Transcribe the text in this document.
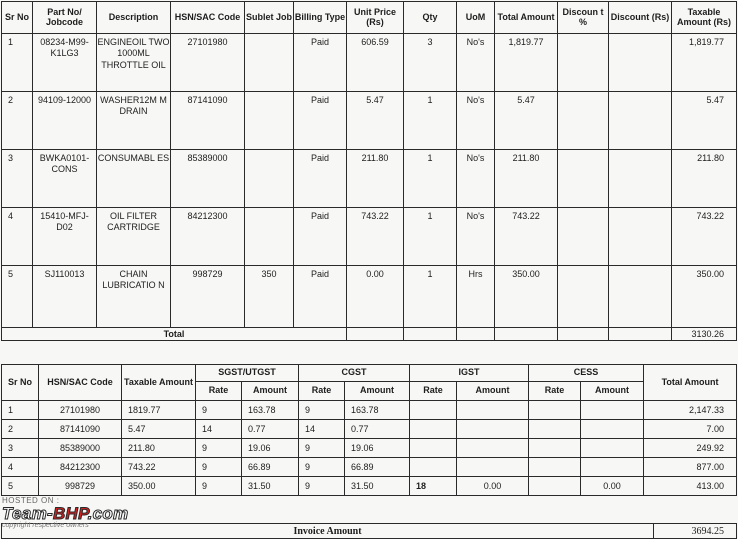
Sr No	Part No/ Jobcode	Description	HSN/SAC Code	Sublet Job	Billing Type	Unit Price (Rs)	Qty	UoM	Total Amount	Discoun t %	Discount (Rs)	Taxable Amount (Rs)
1	08234-M99-K1LG3	ENGINEOIL TWO 1000ML THROTTLE OIL	27101980		Paid	606.59	3	No's	1,819.77			1,819.77
2	94109-12000	WASHER12M M DRAIN	87141090		Paid	5.47	1	No's	5.47			5.47
3	BWKA0101-CONS	CONSUMABL ES	85389000		Paid	211.80	1	No's	211.80			211.80
4	15410-MFJ-D02	OIL FILTER CARTRIDGE	84212300		Paid	743.22	1	No's	743.22			743.22
5	SJ110013	CHAIN LUBRICATIO N	998729	350	Paid	0.00	1	Hrs	350.00			350.00
Total												3130.26
Sr No	HSN/SAC Code	Taxable Amount	SGST/UTGST		CGST		IGST		CESS		Total Amount
			Rate	Amount	Rate	Amount	Rate	Amount	Rate	Amount	
1	27101980	1819.77	9	163.78	9	163.78					2,147.33
2	87141090	5.47	14	0.77	14	0.77					7.00
3	85389000	211.80	9	19.06	9	19.06					249.92
4	84212300	743.22	9	66.89	9	66.89					877.00
5	998729	350.00	9	31.50	9	31.50	18	0.00		0.00	413.00
Invoice Amount	3694.25
HOSTED ON :
Team-BHP.com
copyright respective owners
